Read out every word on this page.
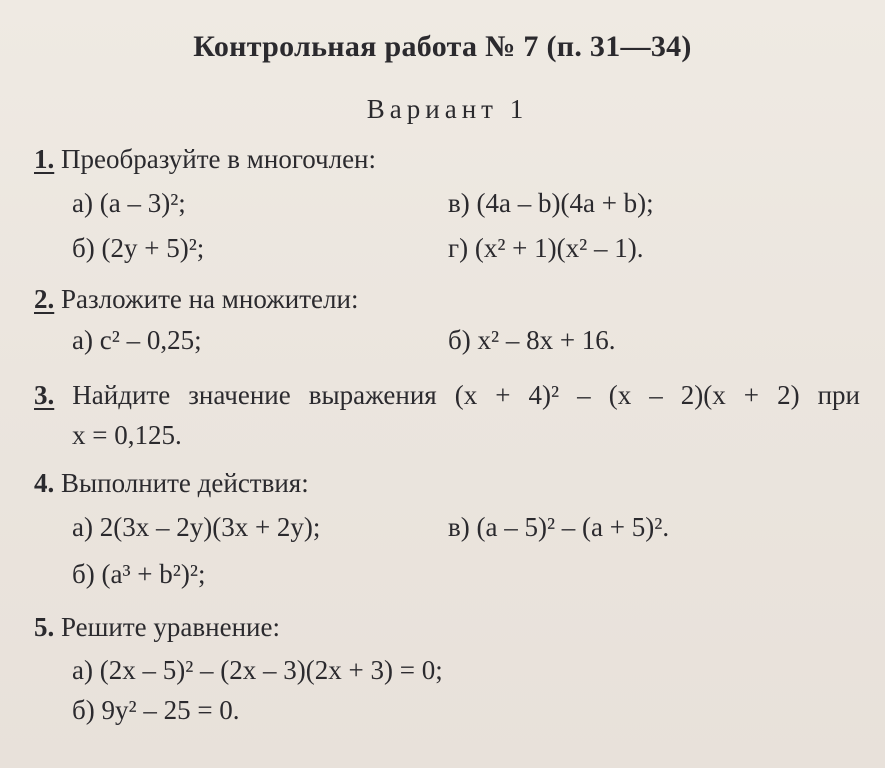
Контрольная работа № 7 (п. 31—34)
Вариант 1
1. Преобразуйте в многочлен:
а) (a – 3)²;	в) (4a – b)(4a + b);
б) (2y + 5)²;	г) (x² + 1)(x² – 1).
2. Разложите на множители:
а) c² – 0,25;	б) x² – 8x + 16.
3. Найдите значение выражения (x + 4)² – (x – 2)(x + 2) при
x = 0,125.
4. Выполните действия:
а) 2(3x – 2y)(3x + 2y);	в) (a – 5)² – (a + 5)².
б) (a³ + b²)²;
5. Решите уравнение:
а) (2x – 5)² – (2x – 3)(2x + 3) = 0;
б) 9y² – 25 = 0.
